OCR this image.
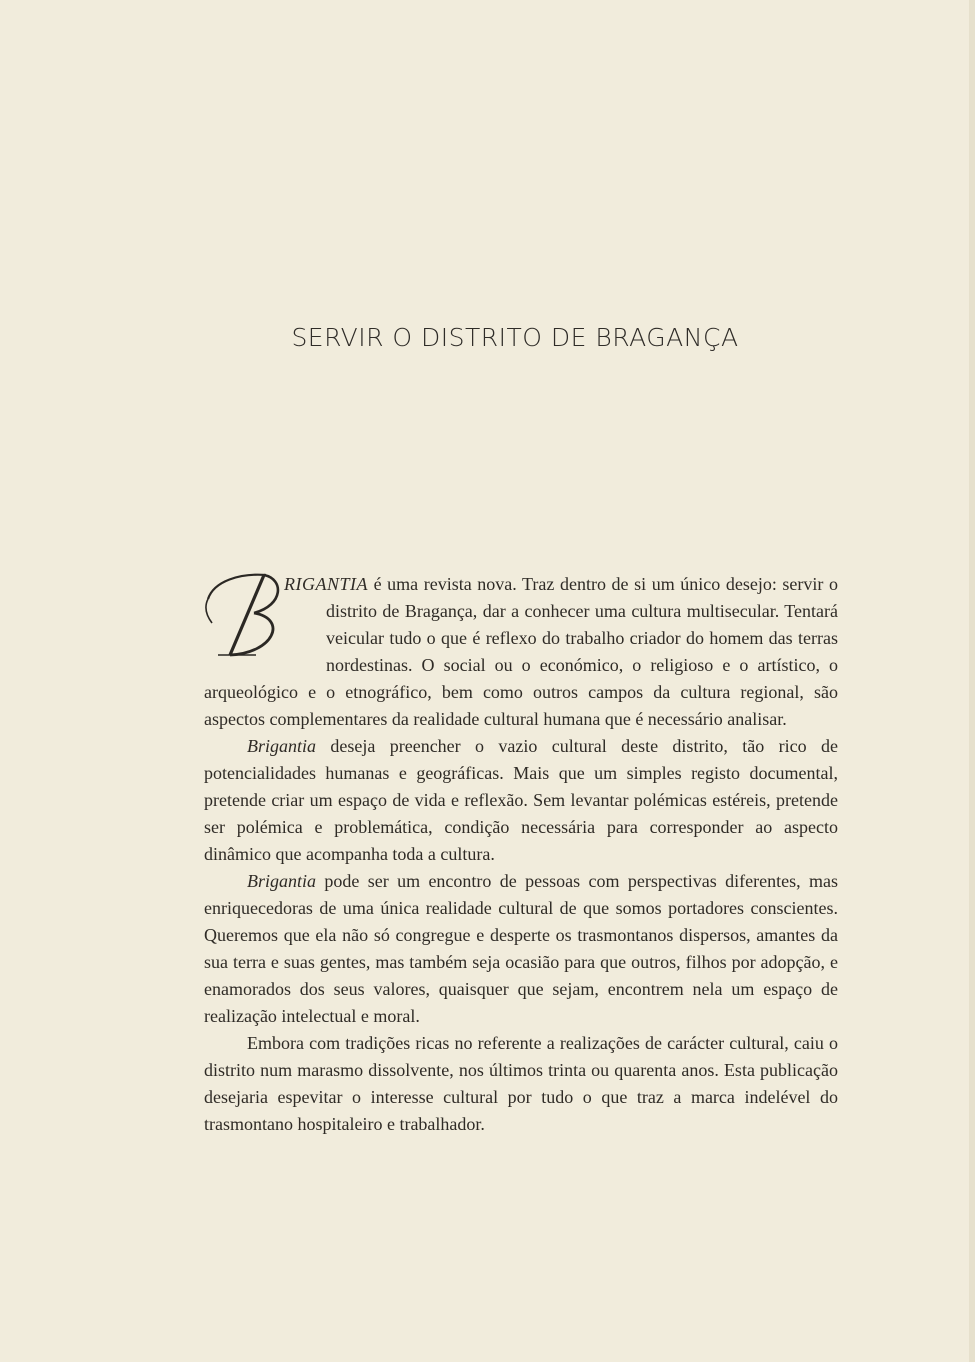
SERVIR O DISTRITO DE BRAGANÇA

RIGANTIA é uma revista nova. Traz dentro de si um único desejo: servir o distrito de Bragança, dar a conhecer uma cultura multisecular. Tentará veicular tudo o que é reflexo do trabalho criador do homem das terras nordestinas. O social ou o económico, o religioso e o artístico, o arqueológico e o etnográfico, bem como outros campos da cultura regional, são aspectos complementares da realidade cultural humana que é necessário analisar.

Brigantia deseja preencher o vazio cultural deste distrito, tão rico de potencialidades humanas e geográficas. Mais que um simples registo documental, pretende criar um espaço de vida e reflexão. Sem levantar polémicas estéreis, pretende ser polémica e problemática, condição necessária para corresponder ao aspecto dinâmico que acompanha toda a cultura.

Brigantia pode ser um encontro de pessoas com perspectivas diferentes, mas enriquecedoras de uma única realidade cultural de que somos portadores conscientes. Queremos que ela não só congregue e desperte os trasmontanos dispersos, amantes da sua terra e suas gentes, mas também seja ocasião para que outros, filhos por adopção, e enamorados dos seus valores, quaisquer que sejam, encontrem nela um espaço de realização intelectual e moral.

Embora com tradições ricas no referente a realizações de carácter cultural, caiu o distrito num marasmo dissolvente, nos últimos trinta ou quarenta anos. Esta publicação desejaria espevitar o interesse cultural por tudo o que traz a marca indelével do trasmontano hospitaleiro e trabalhador.
